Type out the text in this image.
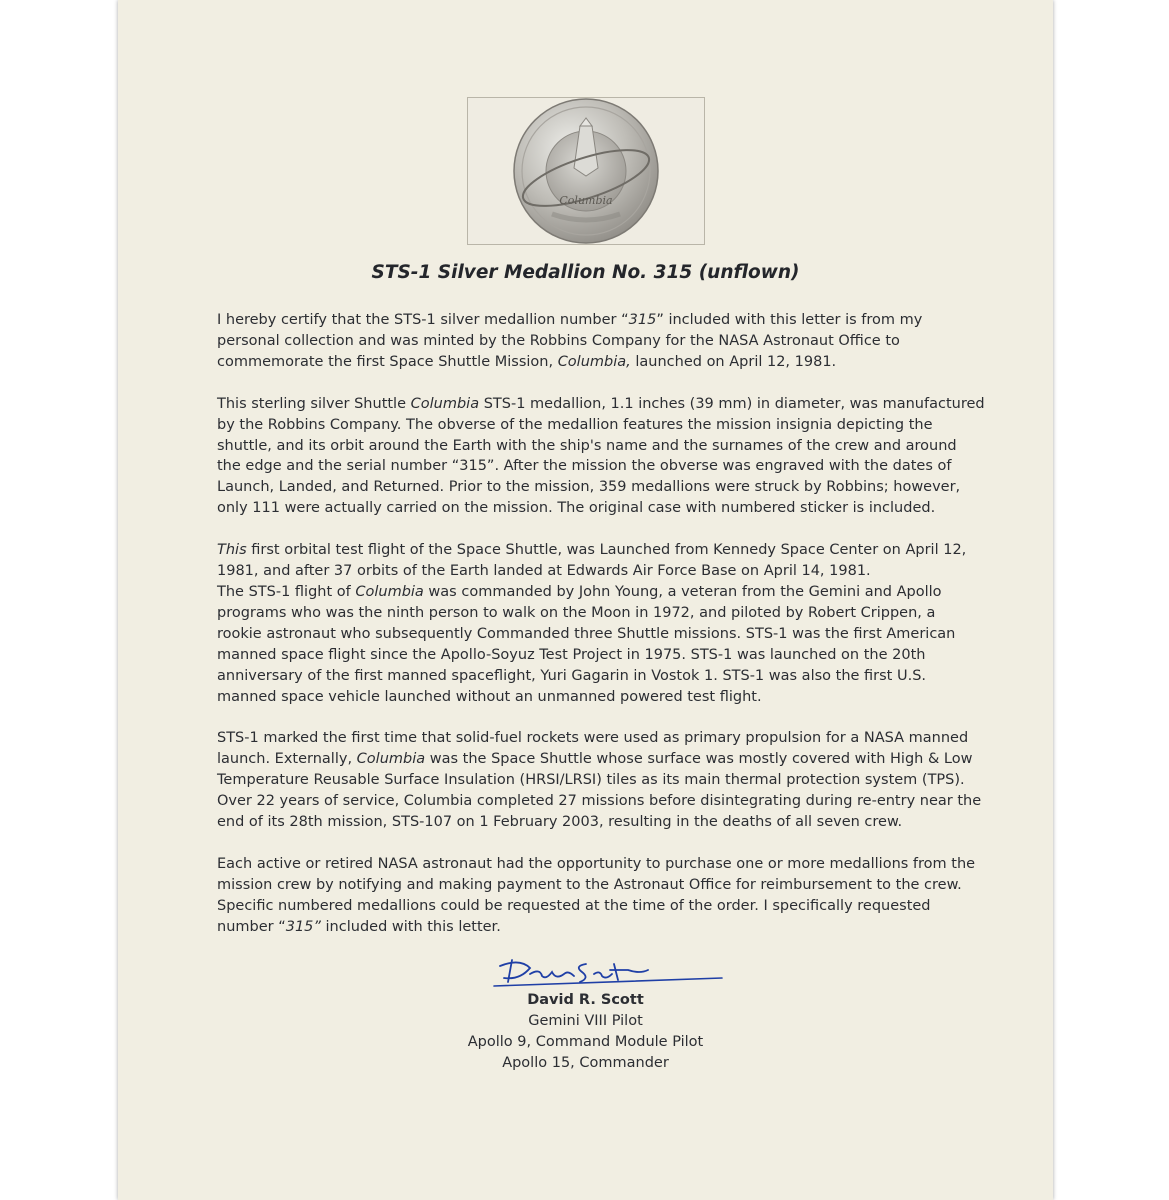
Columbia
STS-1 Silver Medallion No. 315 (unflown)

I hereby certify that the STS-1 silver medallion number “315” included with this letter is from my
personal collection and was minted by the Robbins Company for the NASA Astronaut Office to
commemorate the first Space Shuttle Mission, Columbia, launched on April 12, 1981.

This sterling silver Shuttle Columbia STS-1 medallion, 1.1 inches (39 mm) in diameter, was manufactured
by the Robbins Company. The obverse of the medallion features the mission insignia depicting the
shuttle, and its orbit around the Earth with the ship's name and the surnames of the crew and around
the edge and the serial number “315”. After the mission the obverse was engraved with the dates of
Launch, Landed, and Returned. Prior to the mission, 359 medallions were struck by Robbins; however,
only 111 were actually carried on the mission. The original case with numbered sticker is included.

This first orbital test flight of the Space Shuttle, was Launched from Kennedy Space Center on April 12,
1981, and after 37 orbits of the Earth landed at Edwards Air Force Base on April 14, 1981.

The STS-1 flight of Columbia was commanded by John Young, a veteran from the Gemini and Apollo
programs who was the ninth person to walk on the Moon in 1972, and piloted by Robert Crippen, a
rookie astronaut who subsequently Commanded three Shuttle missions. STS-1 was the first American
manned space flight since the Apollo-Soyuz Test Project in 1975. STS-1 was launched on the 20th
anniversary of the first manned spaceflight, Yuri Gagarin in Vostok 1. STS-1 was also the first U.S.
manned space vehicle launched without an unmanned powered test flight.

STS-1 marked the first time that solid-fuel rockets were used as primary propulsion for a NASA manned
launch. Externally, Columbia was the Space Shuttle whose surface was mostly covered with High & Low
Temperature Reusable Surface Insulation (HRSI/LRSI) tiles as its main thermal protection system (TPS).
Over 22 years of service, Columbia completed 27 missions before disintegrating during re-entry near the
end of its 28th mission, STS-107 on 1 February 2003, resulting in the deaths of all seven crew.

Each active or retired NASA astronaut had the opportunity to purchase one or more medallions from the
mission crew by notifying and making payment to the Astronaut Office for reimbursement to the crew.
Specific numbered medallions could be requested at the time of the order. I specifically requested
number “315” included with this letter.

David R. Scott
Gemini VIII Pilot
Apollo 9, Command Module Pilot
Apollo 15, Commander
